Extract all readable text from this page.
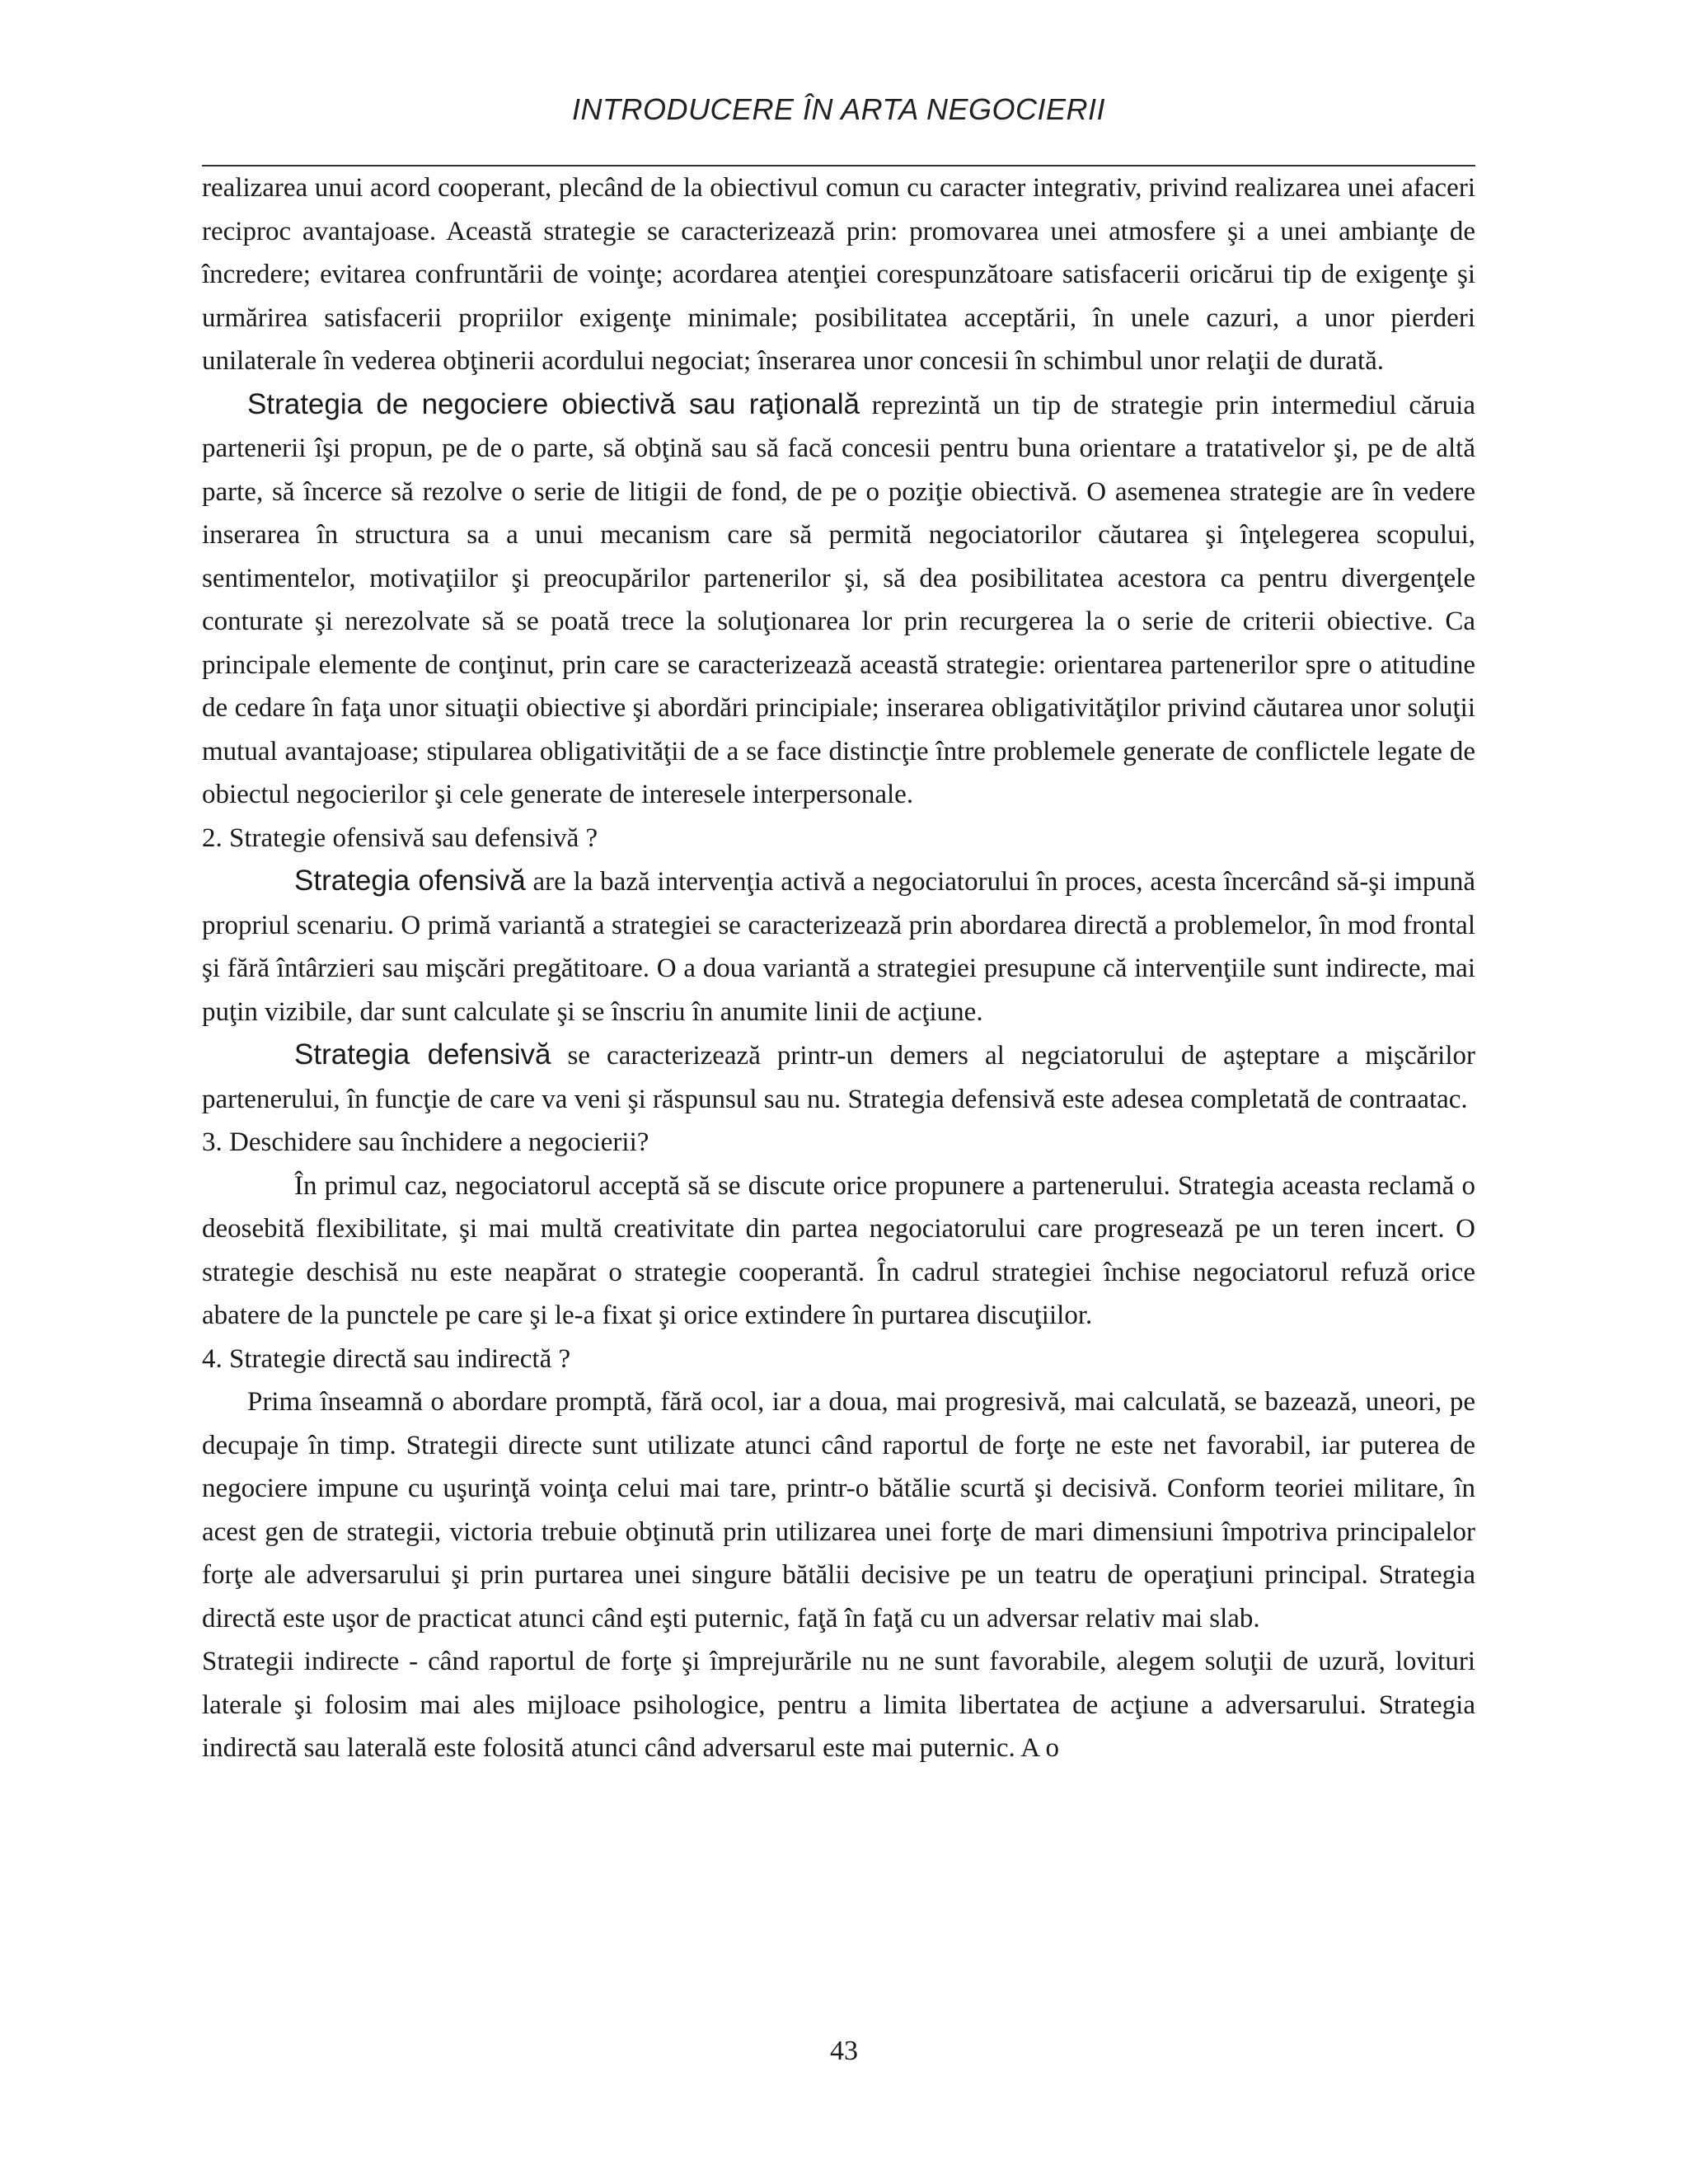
INTRODUCERE ÎN ARTA NEGOCIERII

realizarea unui acord cooperant, plecând de la obiectivul comun cu caracter integrativ, privind realizarea unei afaceri reciproc avantajoase. Această strategie se caracterizează prin: promovarea unei atmosfere şi a unei ambianţe de încredere; evitarea confruntării de voinţe; acordarea atenţiei corespunzătoare satisfacerii oricărui tip de exigenţe şi urmărirea satisfacerii propriilor exigenţe minimale; posibilitatea acceptării, în unele cazuri, a unor pierderi unilaterale în vederea obţinerii acordului negociat; înserarea unor concesii în schimbul unor relaţii de durată.

Strategia de negociere obiectivă sau raţională reprezintă un tip de strategie prin intermediul căruia partenerii îşi propun, pe de o parte, să obţină sau să facă concesii pentru buna orientare a tratativelor şi, pe de altă parte, să încerce să rezolve o serie de litigii de fond, de pe o poziţie obiectivă. O asemenea strategie are în vedere inserarea în structura sa a unui mecanism care să permită negociatorilor căutarea şi înţelegerea scopului, sentimentelor, motivaţiilor şi preocupărilor partenerilor şi, să dea posibilitatea acestora ca pentru divergenţele conturate şi nerezolvate să se poată trece la soluţionarea lor prin recurgerea la o serie de criterii obiective. Ca principale elemente de conţinut, prin care se caracterizează această strategie: orientarea partenerilor spre o atitudine de cedare în faţa unor situaţii obiective şi abordări principiale; inserarea obligativităţilor privind căutarea unor soluţii mutual avantajoase; stipularea obligativităţii de a se face distincţie între problemele generate de conflictele legate de obiectul negocierilor şi cele generate de interesele interpersonale.

2. Strategie ofensivă sau defensivă ?

Strategia ofensivă are la bază intervenţia activă a negociatorului în proces, acesta încercând să-şi impună propriul scenariu. O primă variantă a strategiei se caracterizează prin abordarea directă a problemelor, în mod frontal şi fără întârzieri sau mişcări pregătitoare. O a doua variantă a strategiei presupune că intervenţiile sunt indirecte, mai puţin vizibile, dar sunt calculate şi se înscriu în anumite linii de acţiune.

Strategia defensivă se caracterizează printr-un demers al negciatorului de aşteptare a mişcărilor partenerului, în funcţie de care va veni şi răspunsul sau nu. Strategia defensivă este adesea completată de contraatac.

3. Deschidere sau închidere a negocierii?

În primul caz, negociatorul acceptă să se discute orice propunere a partenerului. Strategia aceasta reclamă o deosebită flexibilitate, şi mai multă creativitate din partea negociatorului care progresează pe un teren incert. O strategie deschisă nu este neapărat o strategie cooperantă. În cadrul strategiei închise negociatorul refuză orice abatere de la punctele pe care şi le-a fixat şi orice extindere în purtarea discuţiilor.

4. Strategie directă sau indirectă ?

Prima înseamnă o abordare promptă, fără ocol, iar a doua, mai progresivă, mai calculată, se bazează, uneori, pe decupaje în timp. Strategii directe sunt utilizate atunci când raportul de forţe ne este net favorabil, iar puterea de negociere impune cu uşurinţă voinţa celui mai tare, printr-o bătălie scurtă şi decisivă. Conform teoriei militare, în acest gen de strategii, victoria trebuie obţinută prin utilizarea unei forţe de mari dimensiuni împotriva principalelor forţe ale adversarului şi prin purtarea unei singure bătălii decisive pe un teatru de operaţiuni principal. Strategia directă este uşor de practicat atunci când eşti puternic, faţă în faţă cu un adversar relativ mai slab.

Strategii indirecte - când raportul de forţe şi împrejurările nu ne sunt favorabile, alegem soluţii de uzură, lovituri laterale şi folosim mai ales mijloace psihologice, pentru a limita libertatea de acţiune a adversarului. Strategia indirectă sau laterală este folosită atunci când adversarul este mai puternic. A o

43
